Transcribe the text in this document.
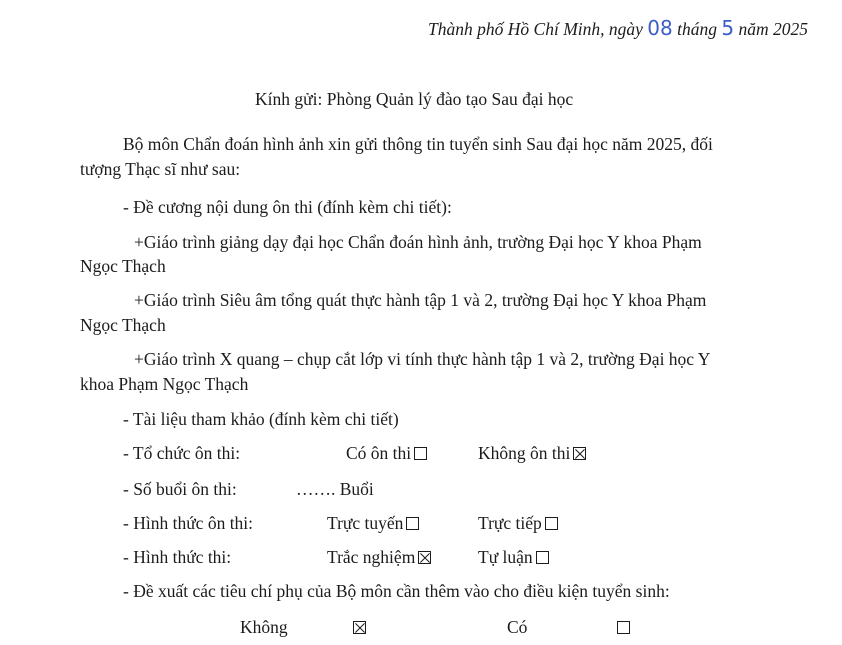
Thành phố Hồ Chí Minh, ngày 08 tháng 5 năm 2025
Kính gửi: Phòng Quản lý đào tạo Sau đại học
Bộ môn Chẩn đoán hình ảnh xin gửi thông tin tuyển sinh Sau đại học năm 2025, đối
tượng Thạc sĩ như sau:
- Đề cương nội dung ôn thi (đính kèm chi tiết):
+Giáo trình giảng dạy đại học Chẩn đoán hình ảnh, trường Đại học Y khoa Phạm
Ngọc Thạch
+Giáo trình Siêu âm tổng quát thực hành tập 1 và 2, trường Đại học Y khoa Phạm
Ngọc Thạch
+Giáo trình X quang – chụp cắt lớp vi tính thực hành tập 1 và 2, trường Đại học Y
khoa Phạm Ngọc Thạch
- Tài liệu tham khảo (đính kèm chi tiết)
- Tổ chức ôn thi:	Có ôn thi	Không ôn thi
- Số buổi ôn thi:	……. Buổi
- Hình thức ôn thi:	Trực tuyến	Trực tiếp
- Hình thức thi:	Trắc nghiệm	Tự luận
- Đề xuất các tiêu chí phụ của Bộ môn cần thêm vào cho điều kiện tuyển sinh:
Không	Có
